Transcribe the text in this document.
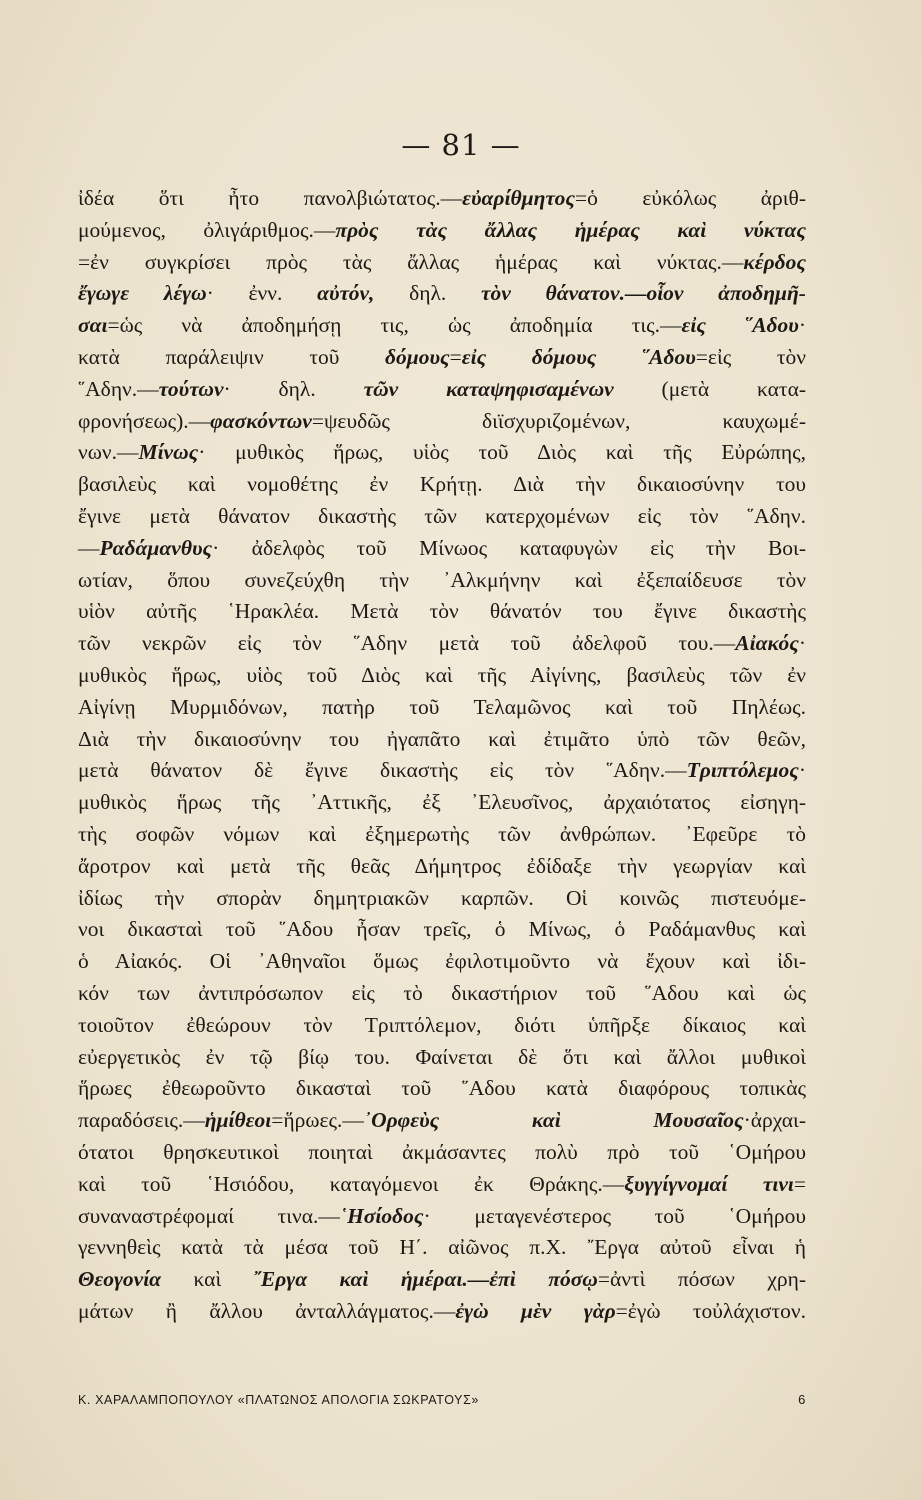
— 81 —
ἰδέα ὅτι ἦτο πανολβιώτατος.—εὐαρίθμητος=ὁ εὐκόλως ἀριθ-
μούμενος, ὀλιγάριθμος.—πρὸς τὰς ἄλλας ἡμέρας καὶ νύκτας
=ἐν συγκρίσει πρὸς τὰς ἄλλας ἡμέρας καὶ νύκτας.—κέρδος
ἔγωγε λέγω· ἐνν. αὐτόν, δηλ. τὸν θάνατον.—οἷον ἀποδημῆ-
σαι=ὡς νὰ ἀποδημήσῃ τις, ὡς ἀποδημία τις.—εἰς ῞Αδου·
κατὰ παράλειψιν τοῦ δόμους=εἰς δόμους ῞Αδου=εἰς τὸν
῞Αδην.—τούτων· δηλ. τῶν καταψηφισαμένων (μετὰ κατα-
φρονήσεως).—φασκόντων=ψευδῶς διϊσχυριζομένων, καυχωμέ-
νων.—Μίνως· μυθικὸς ἥρως, υἱὸς τοῦ Διὸς καὶ τῆς Εὐρώπης,
βασιλεὺς καὶ νομοθέτης ἐν Κρήτῃ. Διὰ τὴν δικαιοσύνην του
ἔγινε μετὰ θάνατον δικαστὴς τῶν κατερχομένων εἰς τὸν ῞Αδην.
—Ραδάμανθυς· ἀδελφὸς τοῦ Μίνωος καταφυγὼν εἰς τὴν Βοι-
ωτίαν, ὅπου συνεζεύχθη τὴν ᾿Αλκμήνην καὶ ἐξεπαίδευσε τὸν
υἱὸν αὐτῆς ῾Ηρακλέα. Μετὰ τὸν θάνατόν του ἔγινε δικαστὴς
τῶν νεκρῶν εἰς τὸν ῞Αδην μετὰ τοῦ ἀδελφοῦ του.—Αἰακός·
μυθικὸς ἥρως, υἱὸς τοῦ Διὸς καὶ τῆς Αἰγίνης, βασιλεὺς τῶν ἐν
Αἰγίνῃ Μυρμιδόνων, πατὴρ τοῦ Τελαμῶνος καὶ τοῦ Πηλέως.
Διὰ τὴν δικαιοσύνην του ἠγαπᾶτο καὶ ἐτιμᾶτο ὑπὸ τῶν θεῶν,
μετὰ θάνατον δὲ ἔγινε δικαστὴς εἰς τὸν ῞Αδην.—Τριπτόλεμος·
μυθικὸς ἥρως τῆς ᾿Αττικῆς, ἐξ ᾿Ελευσῖνος, ἀρχαιότατος εἰσηγη-
τὴς σοφῶν νόμων καὶ ἐξημερωτὴς τῶν ἀνθρώπων. ᾿Εφεῦρε τὸ
ἄροτρον καὶ μετὰ τῆς θεᾶς Δήμητρος ἐδίδαξε τὴν γεωργίαν καὶ
ἰδίως τὴν σπορὰν δημητριακῶν καρπῶν. Οἱ κοινῶς πιστευόμε-
νοι δικασταὶ τοῦ ῞Αδου ἦσαν τρεῖς, ὁ Μίνως, ὁ Ραδάμανθυς καὶ
ὁ Αἰακός. Οἱ ᾿Αθηναῖοι ὅμως ἐφιλοτιμοῦντο νὰ ἔχουν καὶ ἰδι-
κόν των ἀντιπρόσωπον εἰς τὸ δικαστήριον τοῦ ῞Αδου καὶ ὡς
τοιοῦτον ἐθεώρουν τὸν Τριπτόλεμον, διότι ὑπῆρξε δίκαιος καὶ
εὐεργετικὸς ἐν τῷ βίῳ του. Φαίνεται δὲ ὅτι καὶ ἄλλοι μυθικοὶ
ἥρωες ἐθεωροῦντο δικασταὶ τοῦ ῞Αδου κατὰ διαφόρους τοπικὰς
παραδόσεις.—ἡμίθεοι=ἥρωες.—᾿Ορφεὺς καὶ Μουσαῖος·ἀρχαι-
ότατοι θρησκευτικοὶ ποιηταὶ ἀκμάσαντες πολὺ πρὸ τοῦ ῾Ομήρου
καὶ τοῦ ῾Ησιόδου, καταγόμενοι ἐκ Θράκης.—ξυγγίγνομαί τινι=
συναναστρέφομαί τινα.—῾Ησίοδος· μεταγενέστερος τοῦ ῾Ομήρου
γεννηθεὶς κατὰ τὰ μέσα τοῦ Η΄. αἰῶνος π.Χ. ῎Εργα αὐτοῦ εἶναι ἡ
Θεογονία καὶ ῎Εργα καὶ ἡμέραι.—ἐπὶ πόσῳ=ἀντὶ πόσων χρη-
μάτων ἢ ἄλλου ἀνταλλάγματος.—ἐγὼ μὲν γὰρ=ἐγὼ τοὐλάχιστον.
Κ. ΧΑΡΑΛΑΜΠΟΠΟΥΛΟΥ «ΠΛΑΤΩΝΟΣ ΑΠΟΛΟΓΙΑ ΣΩΚΡΑΤΟΥΣ»	6
